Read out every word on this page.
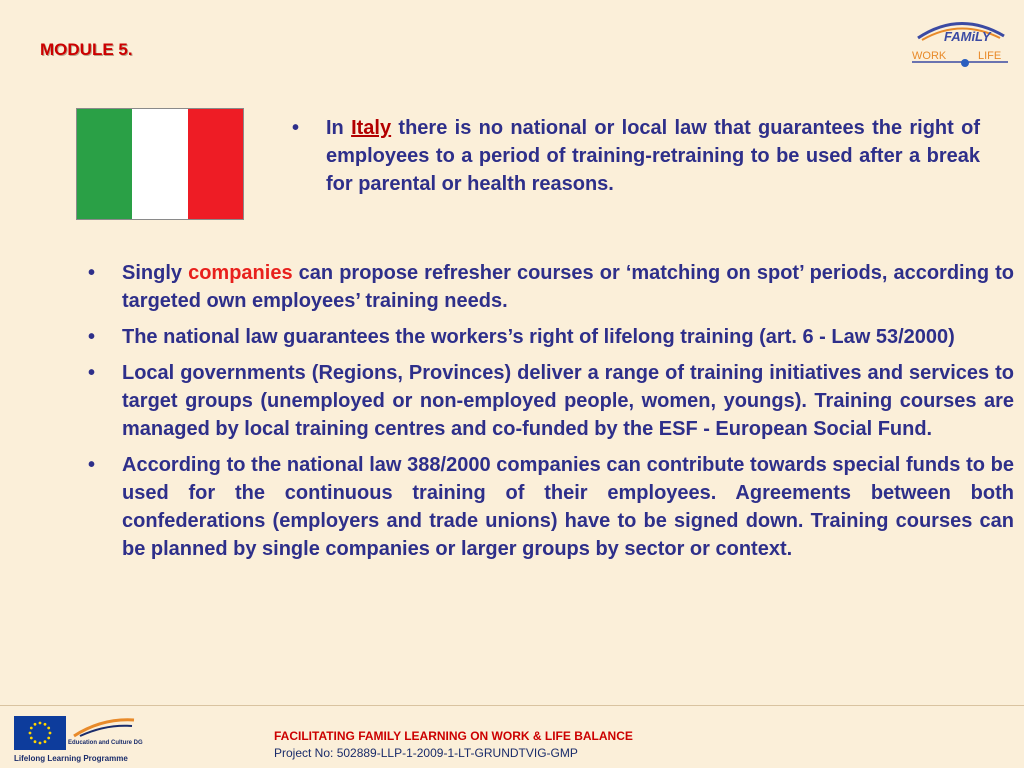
MODULE 5.
FAMiLY
WORK	LIFE
• In Italy there is no national or local law that guarantees the right of employees to a period of training-retraining to be used after a break for parental or health reasons.
• Singly companies can propose refresher courses or ‘matching on spot’ periods, according to targeted own employees’ training needs.
• The national law guarantees the workers’s right of lifelong training (art. 6 - Law 53/2000)
• Local governments (Regions, Provinces) deliver a range of training initiatives and services to target groups (unemployed or non-employed people, women, youngs). Training courses are managed by local training centres and co-funded by the ESF - European Social Fund.
• According to the national law 388/2000 companies can contribute towards special funds to be used for the continuous training of their employees. Agreements between both confederations (employers and trade unions) have to be signed down. Training courses can be planned by single companies or larger groups by sector or context.
Education and Culture DG
Lifelong Learning Programme
FACILITATING FAMILY LEARNING ON WORK & LIFE BALANCE
Project No: 502889-LLP-1-2009-1-LT-GRUNDTVIG-GMP
